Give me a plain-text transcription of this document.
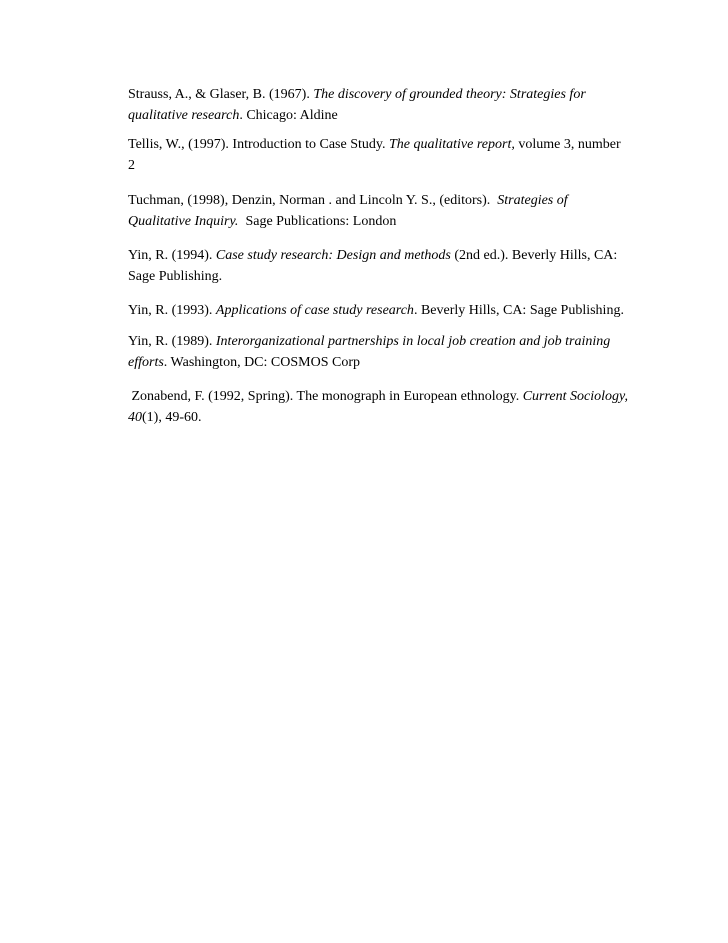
Strauss, A., & Glaser, B. (1967). The discovery of grounded theory: Strategies for
qualitative research. Chicago: Aldine

Tellis, W., (1997). Introduction to Case Study. The qualitative report, volume 3, number
2

Tuchman, (1998), Denzin, Norman . and Lincoln Y. S., (editors).  Strategies of
Qualitative Inquiry.  Sage Publications: London

Yin, R. (1994). Case study research: Design and methods (2nd ed.). Beverly Hills, CA:
Sage Publishing.

Yin, R. (1993). Applications of case study research. Beverly Hills, CA: Sage Publishing.

Yin, R. (1989). Interorganizational partnerships in local job creation and job training
efforts. Washington, DC: COSMOS Corp

Zonabend, F. (1992, Spring). The monograph in European ethnology. Current Sociology,
40(1), 49-60.
